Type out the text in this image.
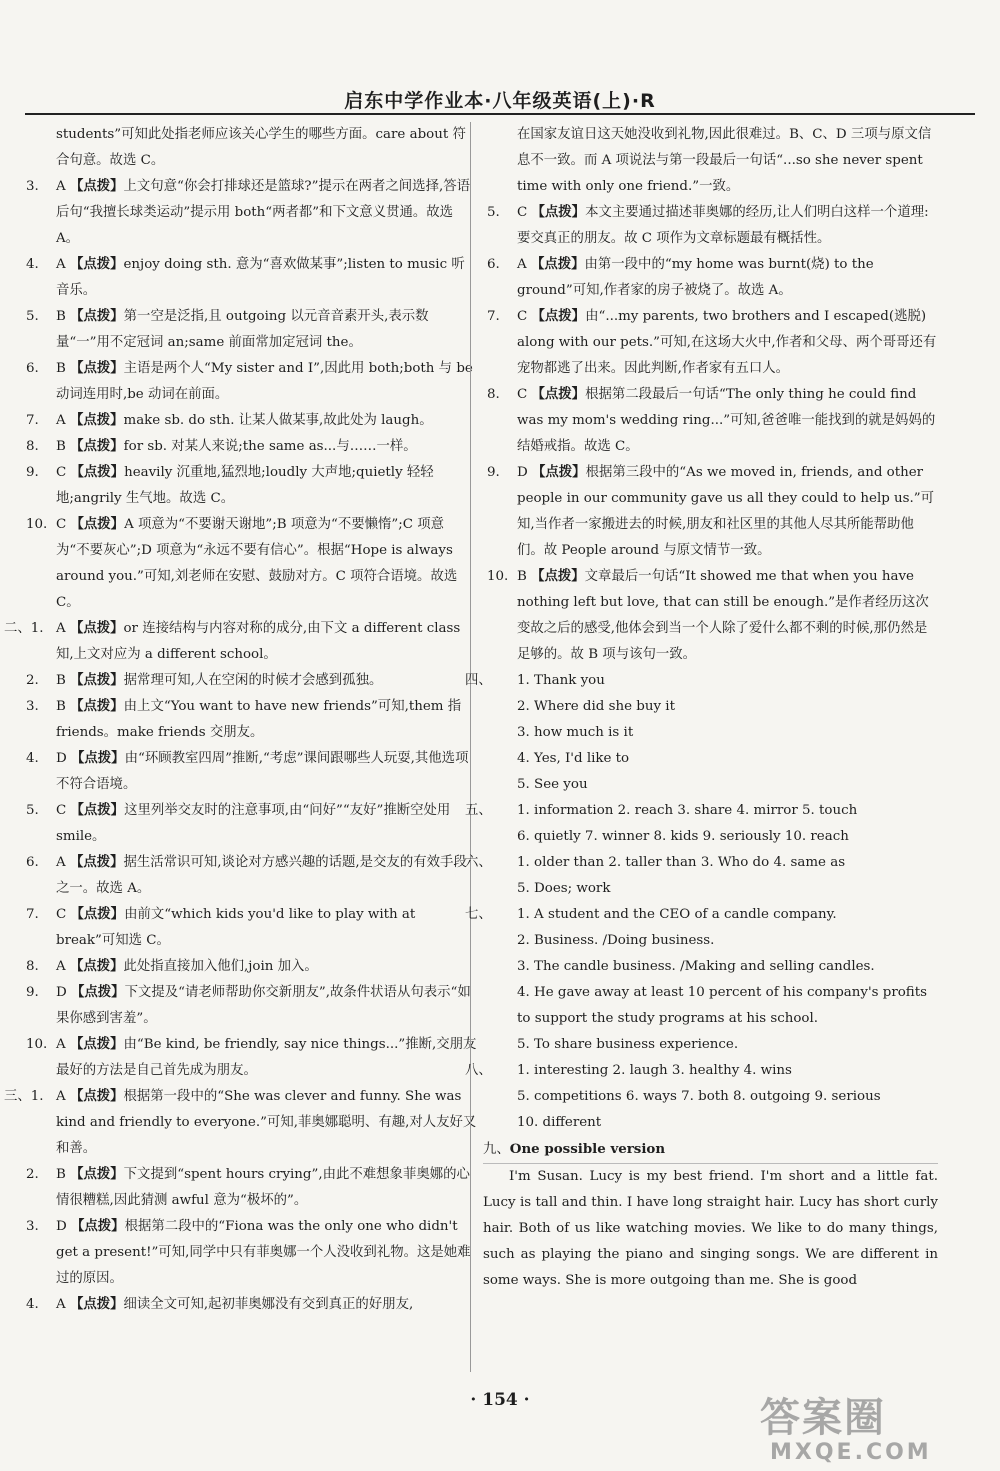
启东中学作业本·八年级英语(上)·R
students”可知此处指老师应该关心学生的哪些方面。care about 符合句意。故选 C。
3. A 【点拨】上文句意“你会打排球还是篮球?”提示在两者之间选择,答语后句“我擅长球类运动”提示用 both“两者都”和下文意义贯通。故选 A。
4. A 【点拨】enjoy doing sth. 意为“喜欢做某事”;listen to music 听音乐。
5. B 【点拨】第一空是泛指,且 outgoing 以元音音素开头,表示数量“一”用不定冠词 an;same 前面常加定冠词 the。
6. B 【点拨】主语是两个人“My sister and I”,因此用 both;both 与 be 动词连用时,be 动词在前面。
7. A 【点拨】make sb. do sth. 让某人做某事,故此处为 laugh。
8. B 【点拨】for sb. 对某人来说;the same as...与……一样。
9. C 【点拨】heavily 沉重地,猛烈地;loudly 大声地;quietly 轻轻地;angrily 生气地。故选 C。
10. C 【点拨】A 项意为“不要谢天谢地”;B 项意为“不要懒惰”;C 项意为“不要灰心”;D 项意为“永远不要有信心”。根据“Hope is always around you.”可知,刘老师在安慰、鼓励对方。C 项符合语境。故选 C。
二、1. A 【点拨】or 连接结构与内容对称的成分,由下文 a different class 知,上文对应为 a different school。
2. B 【点拨】据常理可知,人在空闲的时候才会感到孤独。
3. B 【点拨】由上文“You want to have new friends”可知,them 指 friends。make friends 交朋友。
4. D 【点拨】由“环顾教室四周”推断,“考虑”课间跟哪些人玩耍,其他选项不符合语境。
5. C 【点拨】这里列举交友时的注意事项,由“问好”“友好”推断空处用 smile。
6. A 【点拨】据生活常识可知,谈论对方感兴趣的话题,是交友的有效手段之一。故选 A。
7. C 【点拨】由前文“which kids you'd like to play with at break”可知选 C。
8. A 【点拨】此处指直接加入他们,join 加入。
9. D 【点拨】下文提及“请老师帮助你交新朋友”,故条件状语从句表示“如果你感到害羞”。
10. A 【点拨】由“Be kind, be friendly, say nice things...”推断,交朋友最好的方法是自己首先成为朋友。
三、1. A 【点拨】根据第一段中的“She was clever and funny. She was kind and friendly to everyone.”可知,菲奥娜聪明、有趣,对人友好又和善。
2. B 【点拨】下文提到“spent hours crying”,由此不难想象菲奥娜的心情很糟糕,因此猜测 awful 意为“极坏的”。
3. D 【点拨】根据第二段中的“Fiona was the only one who didn't get a present!”可知,同学中只有菲奥娜一个人没收到礼物。这是她难过的原因。
4. A 【点拨】细读全文可知,起初菲奥娜没有交到真正的好朋友,
在国家友谊日这天她没收到礼物,因此很难过。B、C、D 三项与原文信息不一致。而 A 项说法与第一段最后一句话“...so she never spent time with only one friend.”一致。
5. C 【点拨】本文主要通过描述菲奥娜的经历,让人们明白这样一个道理:要交真正的朋友。故 C 项作为文章标题最有概括性。
6. A 【点拨】由第一段中的“my home was burnt(烧) to the ground”可知,作者家的房子被烧了。故选 A。
7. C 【点拨】由“...my parents, two brothers and I escaped(逃脱) along with our pets.”可知,在这场大火中,作者和父母、两个哥哥还有宠物都逃了出来。因此判断,作者家有五口人。
8. C 【点拨】根据第二段最后一句话“The only thing he could find was my mom's wedding ring...”可知,爸爸唯一能找到的就是妈妈的结婚戒指。故选 C。
9. D 【点拨】根据第三段中的“As we moved in, friends, and other people in our community gave us all they could to help us.”可知,当作者一家搬进去的时候,朋友和社区里的其他人尽其所能帮助他们。故 People around 与原文情节一致。
10. B 【点拨】文章最后一句话“It showed me that when you have nothing left but love, that can still be enough.”是作者经历这次变故之后的感受,他体会到当一个人除了爱什么都不剩的时候,那仍然是足够的。故 B 项与该句一致。
四、 1. Thank you
2. Where did she buy it
3. how much is it
4. Yes, I'd like to
5. See you
五、 1. information 2. reach 3. share 4. mirror 5. touch
6. quietly 7. winner 8. kids 9. seriously 10. reach
六、 1. older than 2. taller than 3. Who do 4. same as
5. Does; work
七、 1. A student and the CEO of a candle company.
2. Business. /Doing business.
3. The candle business. /Making and selling candles.
4. He gave away at least 10 percent of his company's profits to support the study programs at his school.
5. To share business experience.
八、 1. interesting 2. laugh 3. healthy 4. wins
5. competitions 6. ways 7. both 8. outgoing 9. serious
10. different
九、One possible version
I'm Susan. Lucy is my best friend. I'm short and a little fat. Lucy is tall and thin. I have long straight hair. Lucy has short curly hair. Both of us like watching movies. We like to do many things, such as playing the piano and singing songs. We are different in some ways. She is more outgoing than me. She is good
· 154 ·	答案圈
MXQE.COM
